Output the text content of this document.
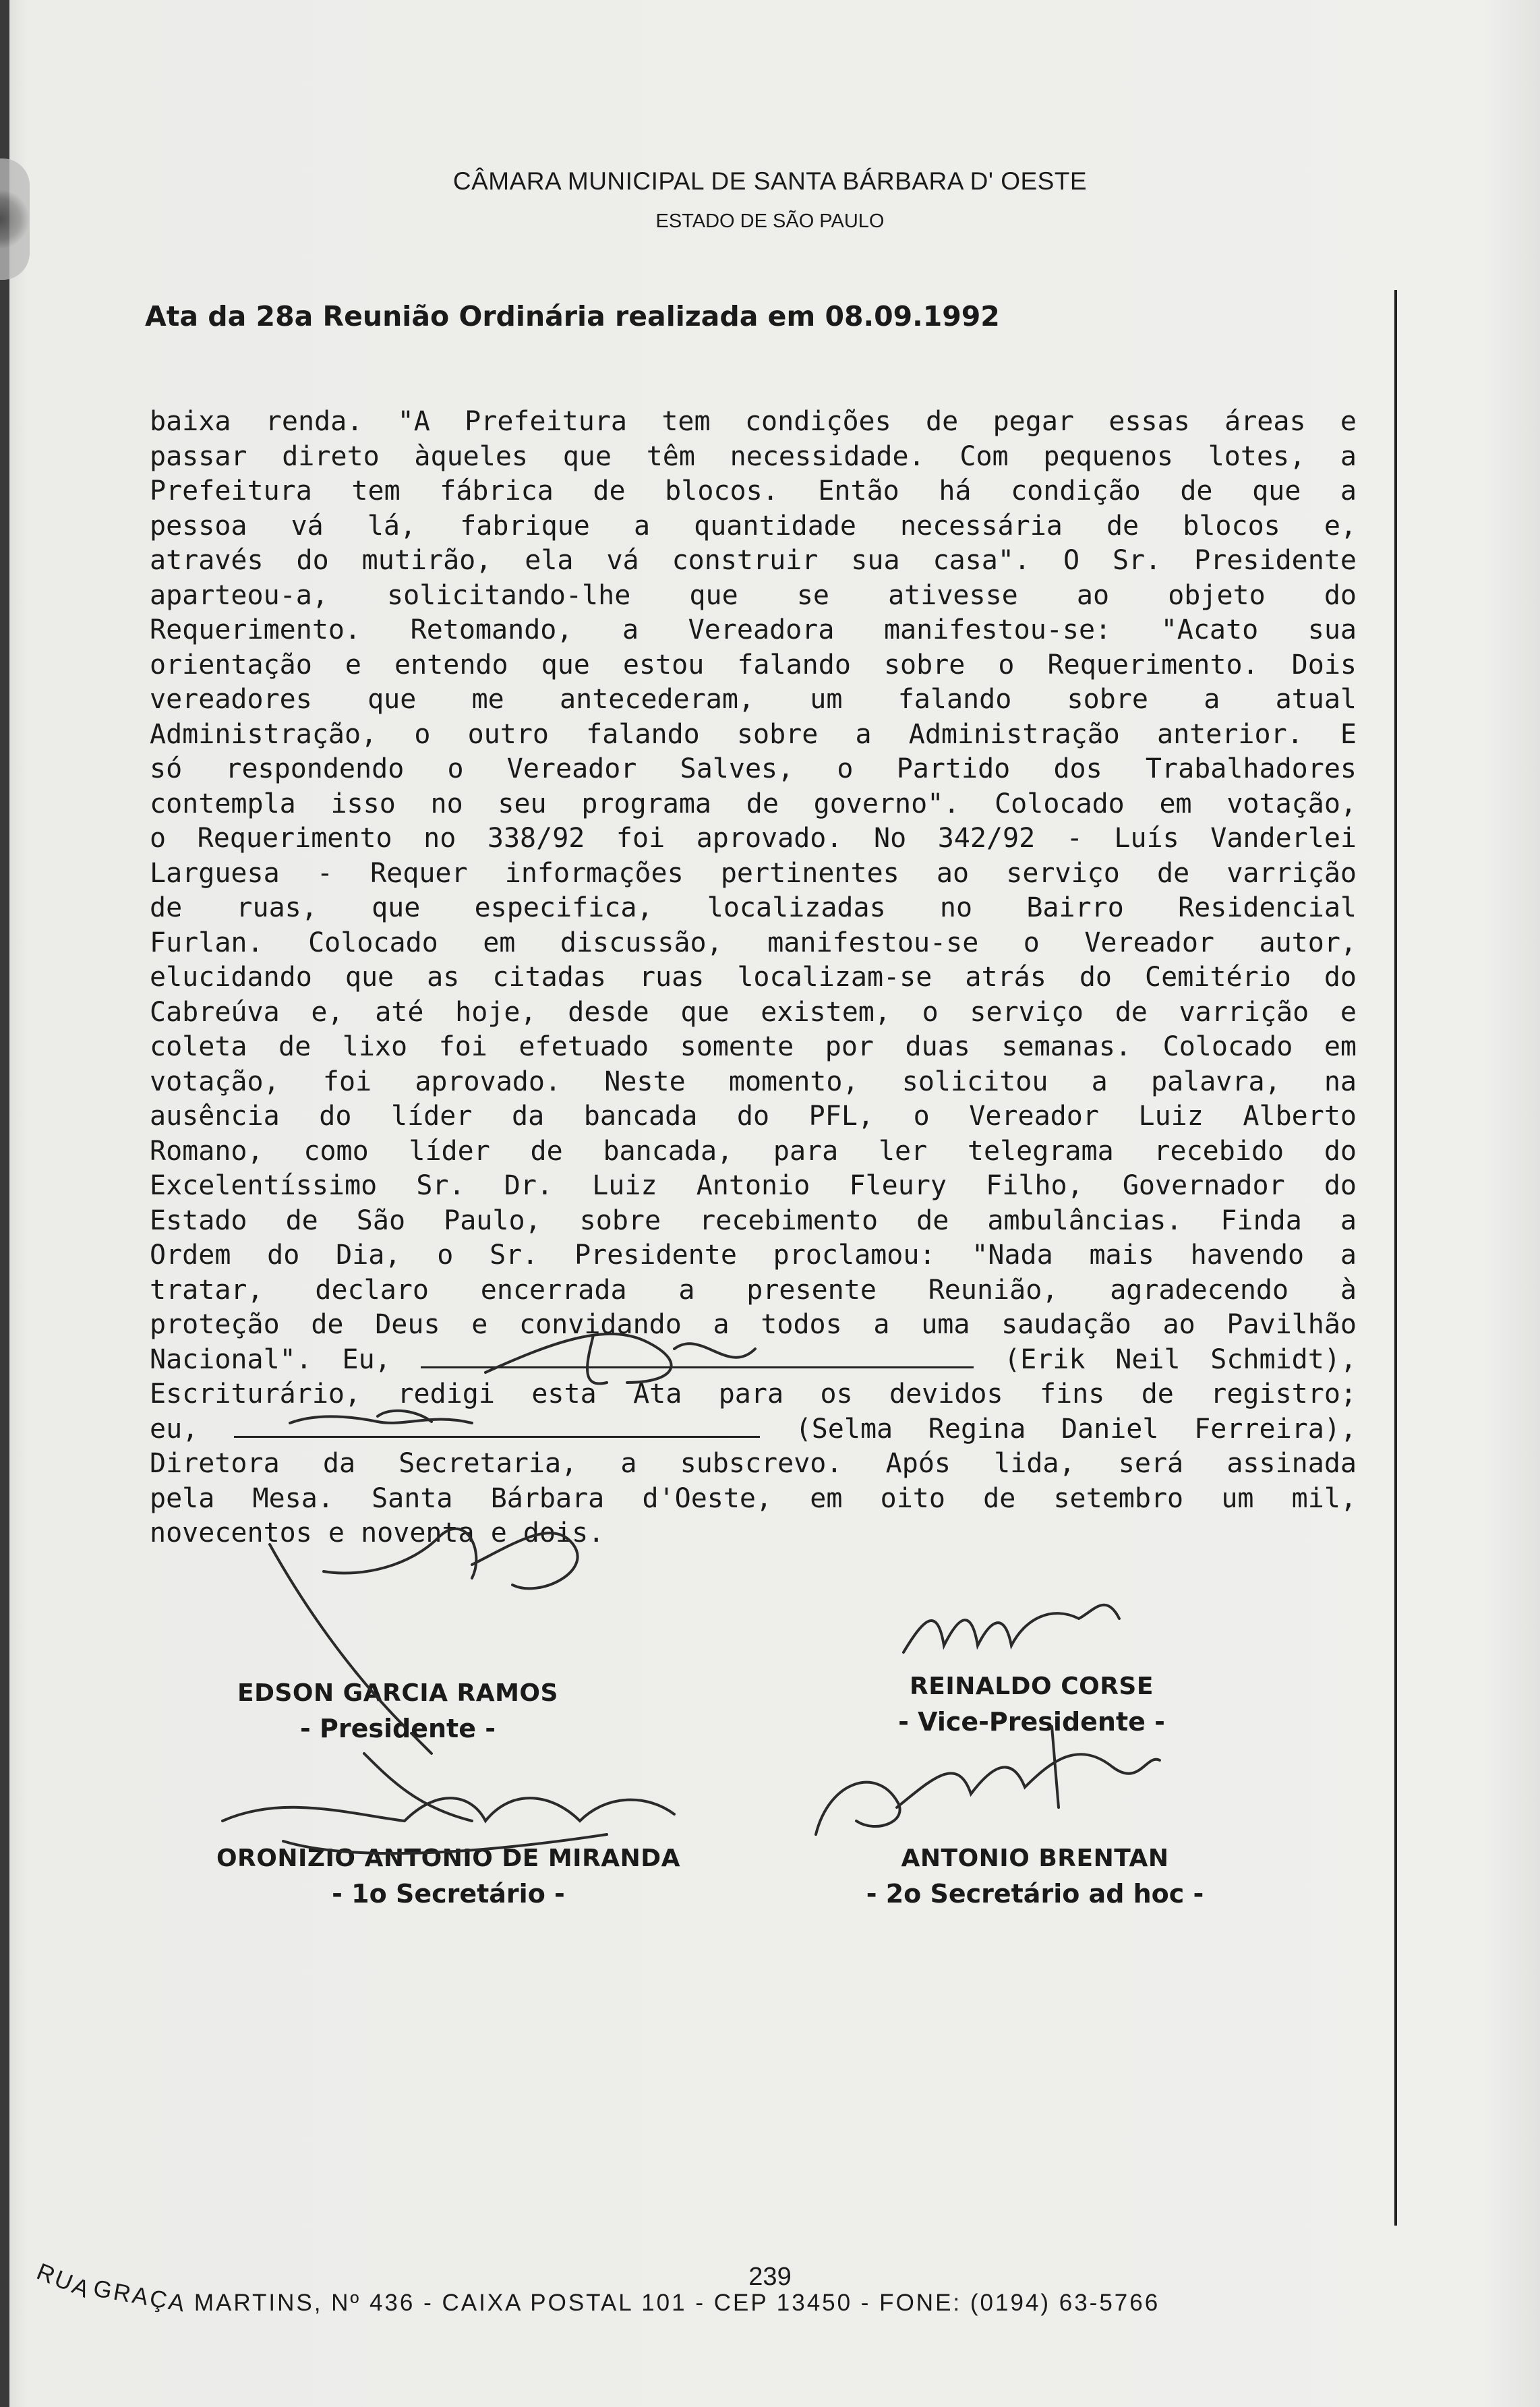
CÂMARA MUNICIPAL DE SANTA BÁRBARA D' OESTE
ESTADO DE SÃO PAULO
Ata da 28a Reunião Ordinária realizada em 08.09.1992
baixa renda. "A Prefeitura tem condições de pegar essas áreas e
passar direto àqueles que têm necessidade. Com pequenos lotes, a
Prefeitura tem fábrica de blocos. Então há condição de que a
pessoa vá lá, fabrique a quantidade necessária de blocos e,
através do mutirão, ela vá construir sua casa". O Sr. Presidente
aparteou-a, solicitando-lhe que se ativesse ao objeto do
Requerimento. Retomando, a Vereadora manifestou-se: "Acato sua
orientação e entendo que estou falando sobre o Requerimento. Dois
vereadores que me antecederam, um falando sobre a atual
Administração, o outro falando sobre a Administração anterior. E
só respondendo o Vereador Salves, o Partido dos Trabalhadores
contempla isso no seu programa de governo". Colocado em votação,
o Requerimento no 338/92 foi aprovado. No 342/92 - Luís Vanderlei
Larguesa - Requer informações pertinentes ao serviço de varrição
de ruas, que especifica, localizadas no Bairro Residencial
Furlan. Colocado em discussão, manifestou-se o Vereador autor,
elucidando que as citadas ruas localizam-se atrás do Cemitério do
Cabreúva e, até hoje, desde que existem, o serviço de varrição e
coleta de lixo foi efetuado somente por duas semanas. Colocado em
votação, foi aprovado. Neste momento, solicitou a palavra, na
ausência do líder da bancada do PFL, o Vereador Luiz Alberto
Romano, como líder de bancada, para ler telegrama recebido do
Excelentíssimo Sr. Dr. Luiz Antonio Fleury Filho, Governador do
Estado de São Paulo, sobre recebimento de ambulâncias. Finda a
Ordem do Dia, o Sr. Presidente proclamou: "Nada mais havendo a
tratar, declaro encerrada a presente Reunião, agradecendo à
proteção de Deus e convidando a todos a uma saudação ao Pavilhão
Nacional". Eu,	(Erik Neil Schmidt),
Escriturário, redigi esta Ata para os devidos fins de registro;
eu,	(Selma Regina Daniel Ferreira),
Diretora da Secretaria, a subscrevo. Após lida, será assinada
pela Mesa. Santa Bárbara d'Oeste, em oito de setembro um mil,
novecentos e noventa e dois.
EDSON GARCIA RAMOS
- Presidente -
REINALDO CORSE
- Vice-Presidente -
ORONIZIO ANTONIO DE MIRANDA
- 1o Secretário -
ANTONIO BRENTAN
- 2o Secretário ad hoc -
239
RUA GRAÇA MARTINS, Nº 436 - CAIXA POSTAL 101 - CEP 13450 - FONE: (0194) 63-5766
